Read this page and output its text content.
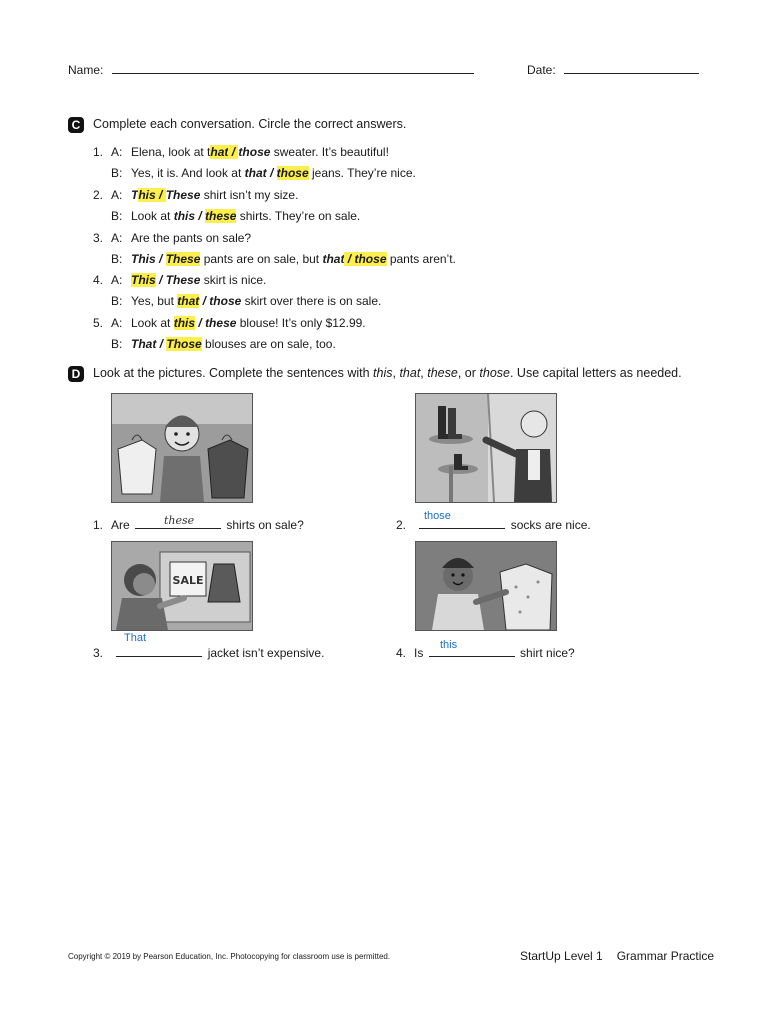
Name:	Date:
C Complete each conversation. Circle the correct answers.
1. A: Elena, look at that / those sweater. It’s beautiful!
B: Yes, it is. And look at that / those jeans. They’re nice.
2. A: This / These shirt isn’t my size.
B: Look at this / these shirts. They’re on sale.
3. A: Are the pants on sale?
B: This / These pants are on sale, but that / those pants aren’t.
4. A: This / These skirt is nice.
B: Yes, but that / those skirt over there is on sale.
5. A: Look at this / these blouse! It’s only $12.99.
B: That / Those blouses are on sale, too.
D Look at the pictures. Complete the sentences with this, that, these, or those. Use capital letters as needed.
1. Are	shirts on sale?
these	2.	socks are nice.
those
SALE
That
3.	jacket isn’t expensive.
this
4. Is	shirt nice?
Copyright © 2019 by Pearson Education, Inc. Photocopying for classroom use is permitted.	StartUp Level 1 Grammar Practice
